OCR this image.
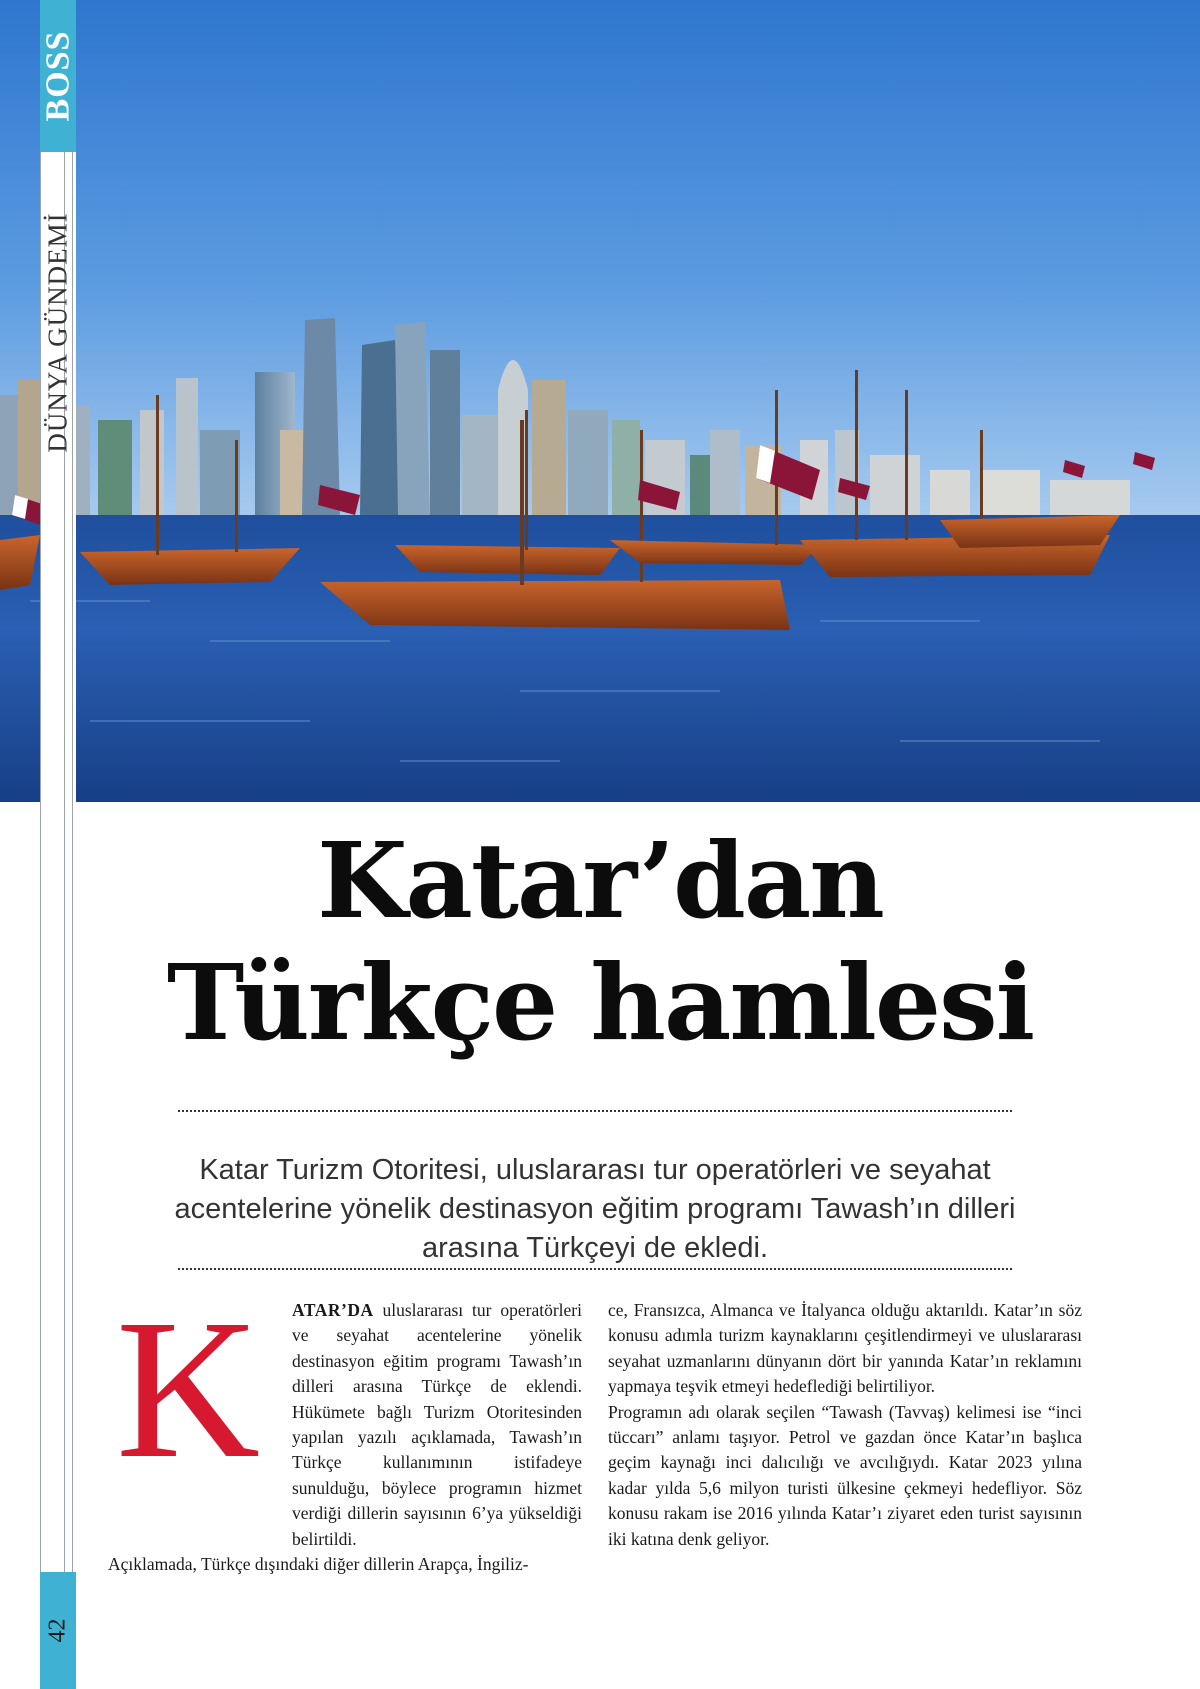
BOSS
DÜNYA GÜNDEMİ
42
Katar’dan
Türkçe hamlesi

Katar Turizm Otoritesi, uluslararası tur operatörleri ve seyahat acentelerine yönelik destinasyon eğitim programı Tawash’ın dilleri arasına Türkçeyi de ekledi.

K	ATAR’DA uluslararası tur operatörleri ve seyahat acentelerine yönelik destinasyon eğitim programı Tawash’ın dilleri arasına Türkçe de eklendi. Hükümete bağlı Turizm Otoritesinden yapılan yazılı açıklamada, Tawash’ın Türkçe kullanımının istifadeye sunulduğu, böylece programın hizmet verdiği dillerin sayısının 6’ya yükseldiği belirtildi.

Açıklamada, Türkçe dışındaki diğer dillerin Arapça, İngiliz-

ce, Fransızca, Almanca ve İtalyanca olduğu aktarıldı. Katar’ın söz konusu adımla turizm kaynaklarını çeşitlendirmeyi ve uluslararası seyahat uzmanlarını dünyanın dört bir yanında Katar’ın reklamını yapmaya teşvik etmeyi hedeflediği belirtiliyor.

Programın adı olarak seçilen “Tawash (Tavvaş) kelimesi ise “inci tüccarı” anlamı taşıyor. Petrol ve gazdan önce Katar’ın başlıca geçim kaynağı inci dalıcılığı ve avcılığıydı. Katar 2023 yılına kadar yılda 5,6 milyon turisti ülkesine çekmeyi hedefliyor. Söz konusu rakam ise 2016 yılında Katar’ı ziyaret eden turist sayısının iki katına denk geliyor.
